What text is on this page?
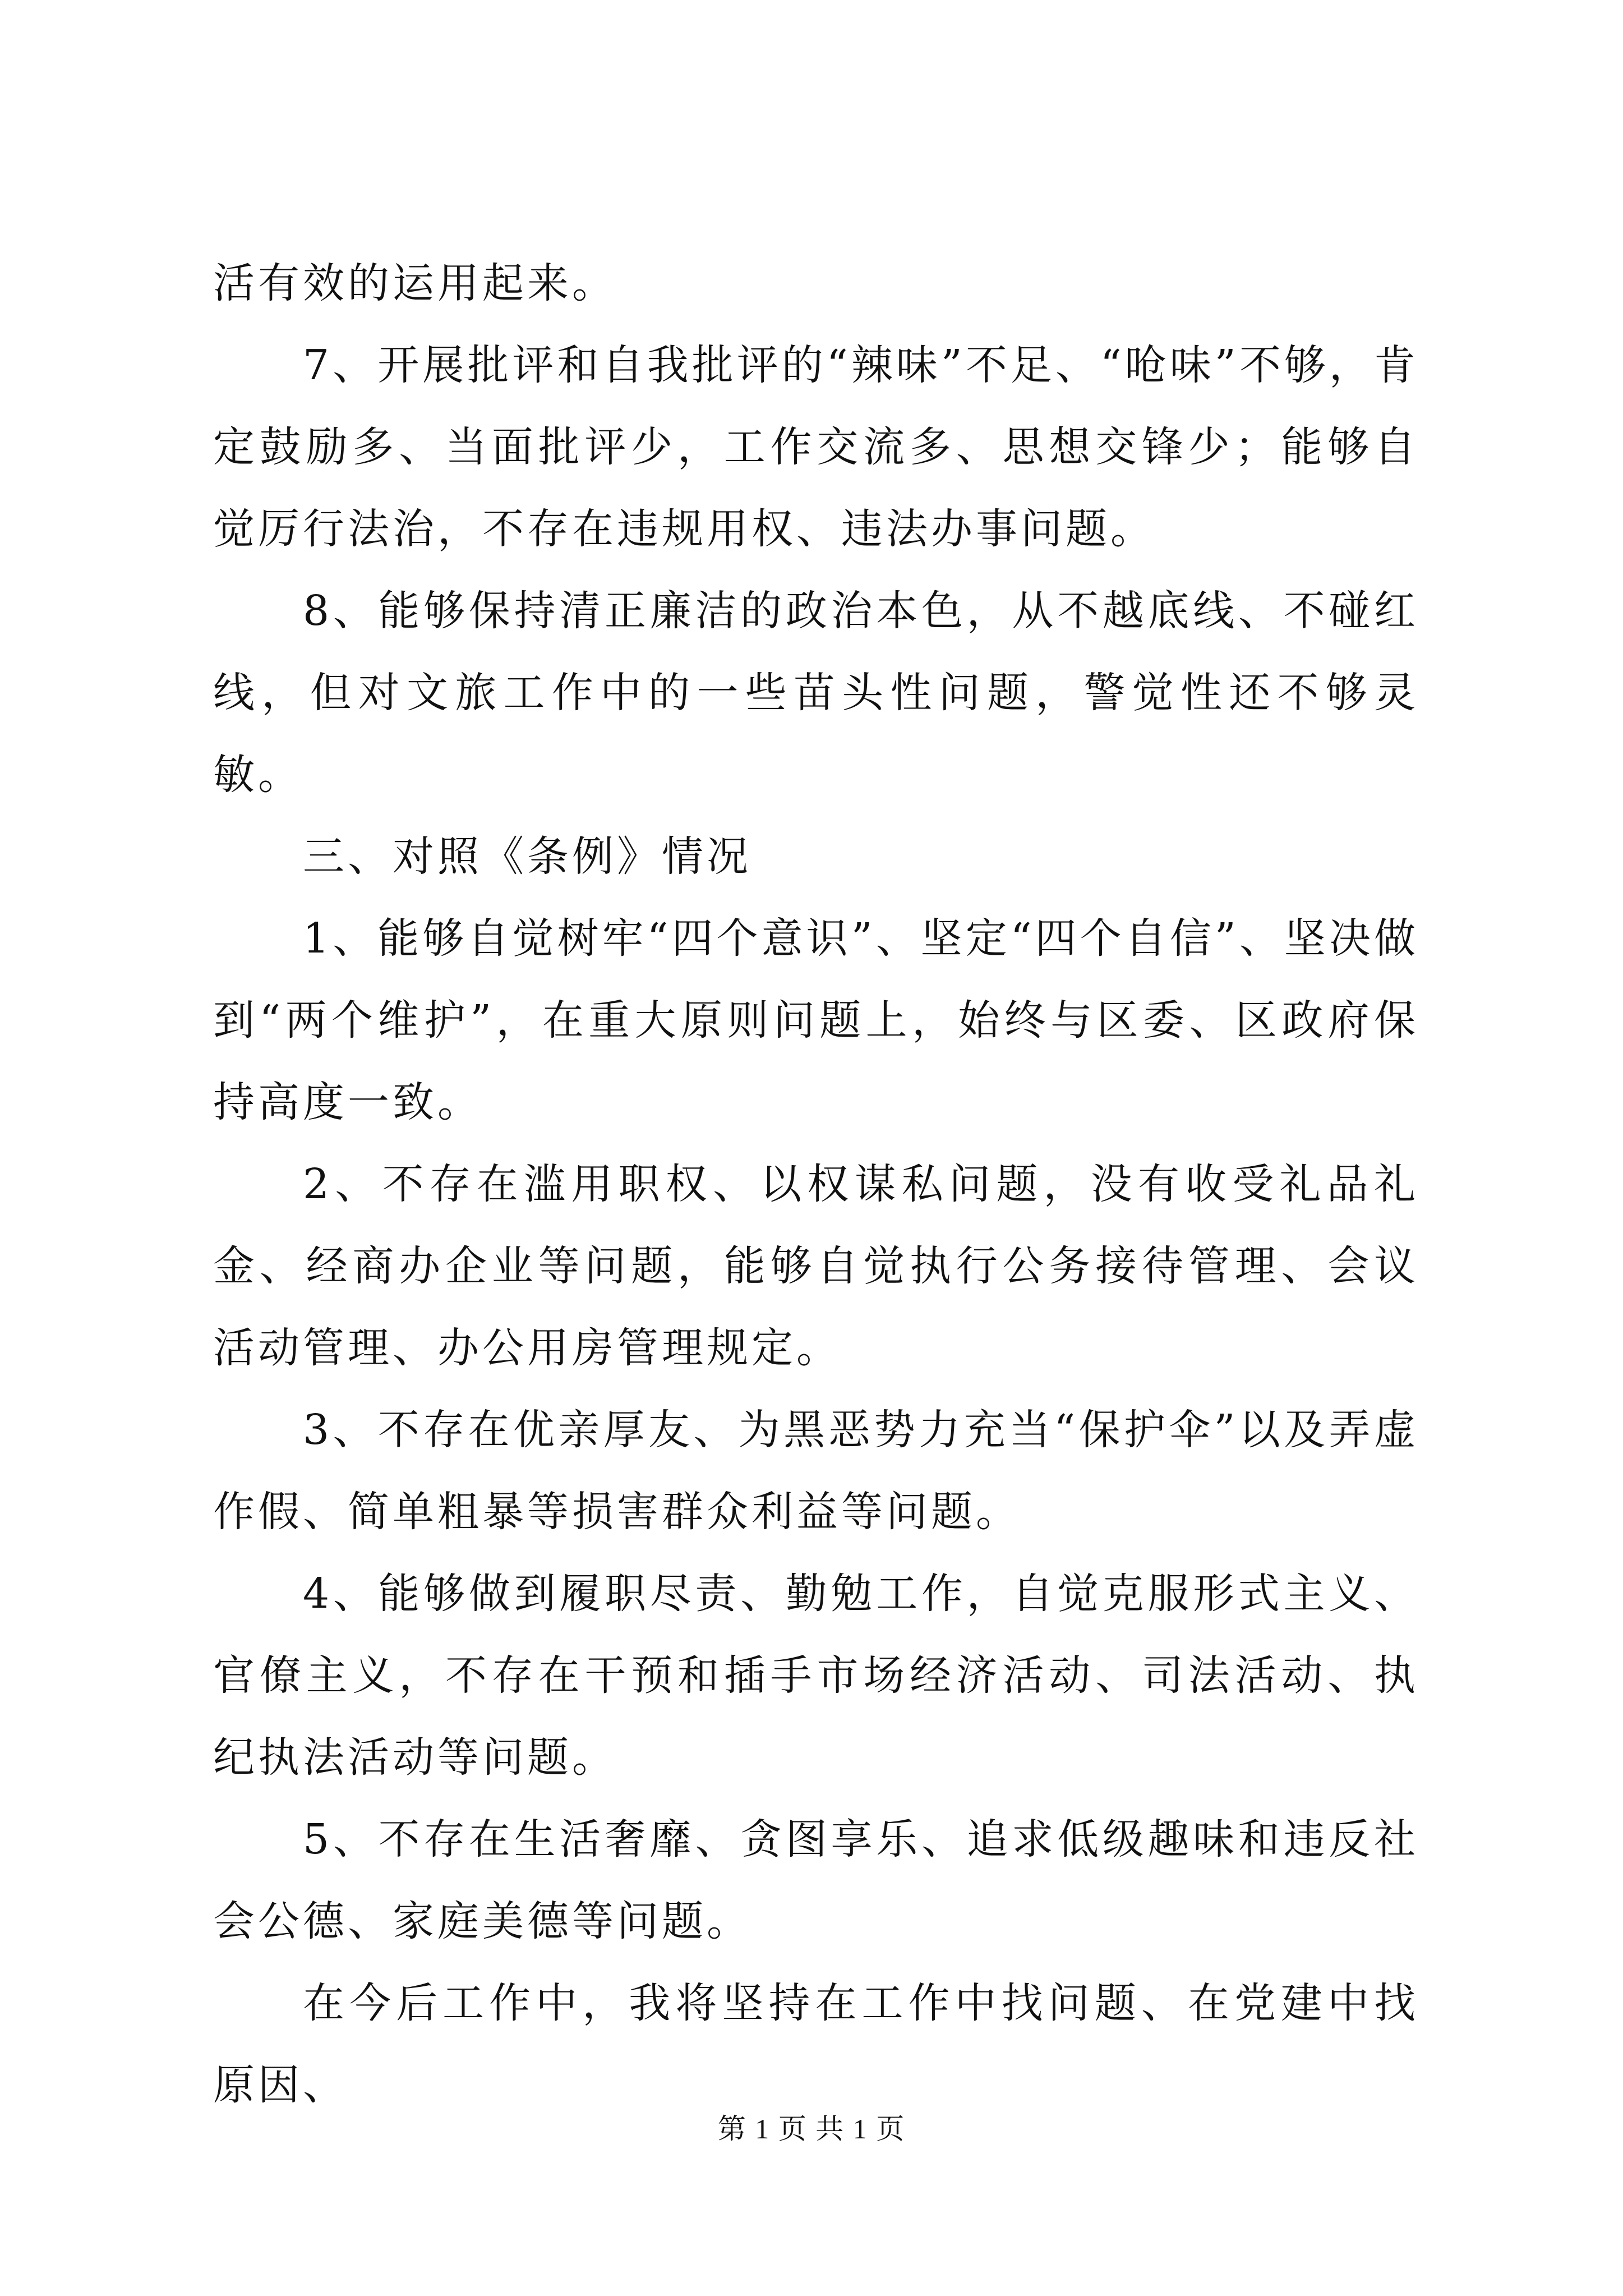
活有效的运用起来。

7、开展批评和自我批评的“辣味”不足、“呛味”不够，肯定鼓励多、当面批评少，工作交流多、思想交锋少；能够自觉厉行法治，不存在违规用权、违法办事问题。

8、能够保持清正廉洁的政治本色，从不越底线、不碰红线，但对文旅工作中的一些苗头性问题，警觉性还不够灵敏。

三、对照《条例》情况

1、能够自觉树牢“四个意识”、坚定“四个自信”、坚决做到“两个维护”，在重大原则问题上，始终与区委、区政府保持高度一致。

2、不存在滥用职权、以权谋私问题，没有收受礼品礼金、经商办企业等问题，能够自觉执行公务接待管理、会议活动管理、办公用房管理规定。

3、不存在优亲厚友、为黑恶势力充当“保护伞”以及弄虚作假、简单粗暴等损害群众利益等问题。

4、能够做到履职尽责、勤勉工作，自觉克服形式主义、官僚主义，不存在干预和插手市场经济活动、司法活动、执纪执法活动等问题。

5、不存在生活奢靡、贪图享乐、追求低级趣味和违反社会公德、家庭美德等问题。

在今后工作中，我将坚持在工作中找问题、在党建中找原因、

第 1 页 共 1 页
